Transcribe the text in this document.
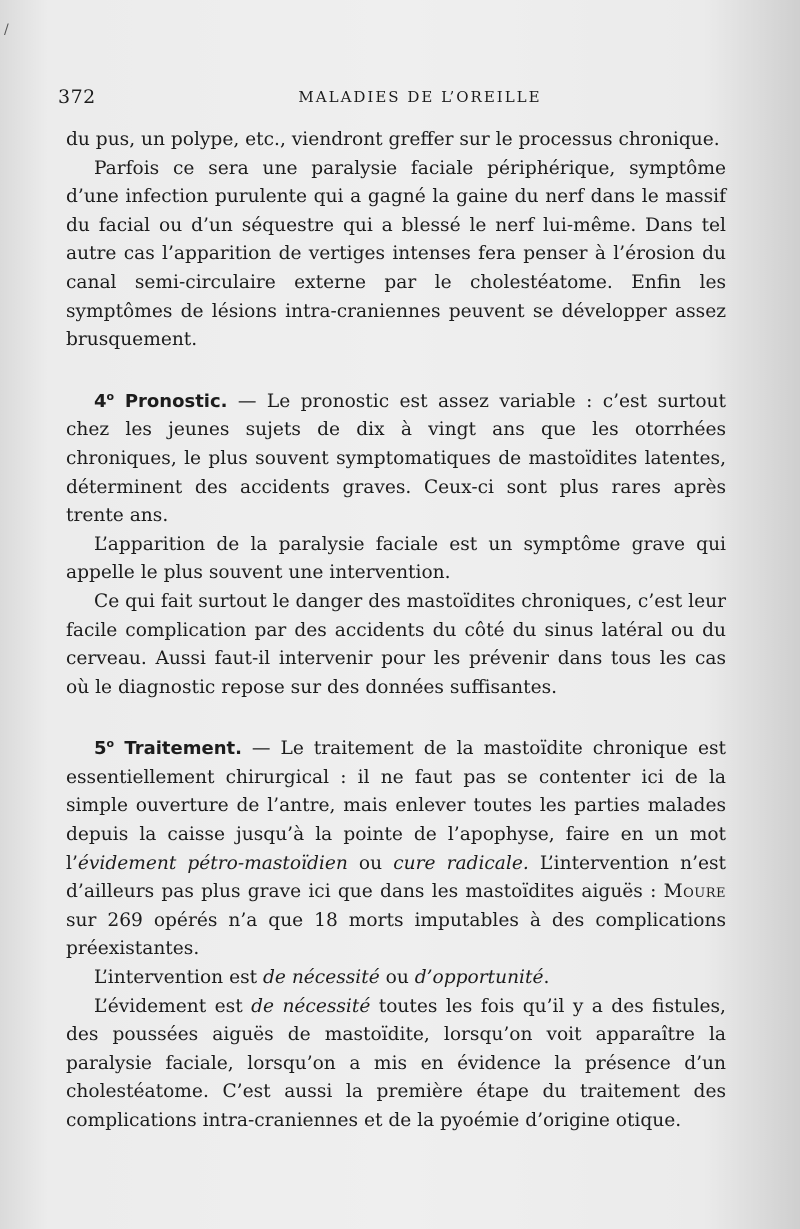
/
372	MALADIES DE L’OREILLE

du pus, un polype, etc., viendront greffer sur le processus chronique.

Parfois ce sera une paralysie faciale périphérique, symptôme d’une infection purulente qui a gagné la gaine du nerf dans le massif du facial ou d’un séquestre qui a blessé le nerf lui-même. Dans tel autre cas l’apparition de vertiges intenses fera penser à l’érosion du canal semi-circulaire externe par le cholestéatome. Enfin les symptômes de lésions intra-craniennes peuvent se développer assez brusquement.

4$^o$ Pronostic. — Le pronostic est assez variable : c’est surtout chez les jeunes sujets de dix à vingt ans que les otorrhées chroniques, le plus souvent symptomatiques de mastoïdites latentes, déterminent des accidents graves. Ceux-ci sont plus rares après trente ans.

L’apparition de la paralysie faciale est un symptôme grave qui appelle le plus souvent une intervention.

Ce qui fait surtout le danger des mastoïdites chroniques, c’est leur facile complication par des accidents du côté du sinus latéral ou du cerveau. Aussi faut-il intervenir pour les prévenir dans tous les cas où le diagnostic repose sur des données suffisantes.

5$^o$ Traitement. — Le traitement de la mastoïdite chronique est essentiellement chirurgical : il ne faut pas se contenter ici de la simple ouverture de l’antre, mais enlever toutes les parties malades depuis la caisse jusqu’à la pointe de l’apophyse, faire en un mot l’évidement pétro-mastoïdien ou cure radicale. L’intervention n’est d’ailleurs pas plus grave ici que dans les mastoïdites aiguës : Moure sur 269 opérés n’a que 18 morts imputables à des complications préexistantes.

L’intervention est de nécessité ou d’opportunité.

L’évidement est de nécessité toutes les fois qu’il y a des fistules, des poussées aiguës de mastoïdite, lorsqu’on voit apparaître la paralysie faciale, lorsqu’on a mis en évidence la présence d’un cholestéatome. C’est aussi la première étape du traitement des complications intra-craniennes et de la pyoémie d’origine otique.
